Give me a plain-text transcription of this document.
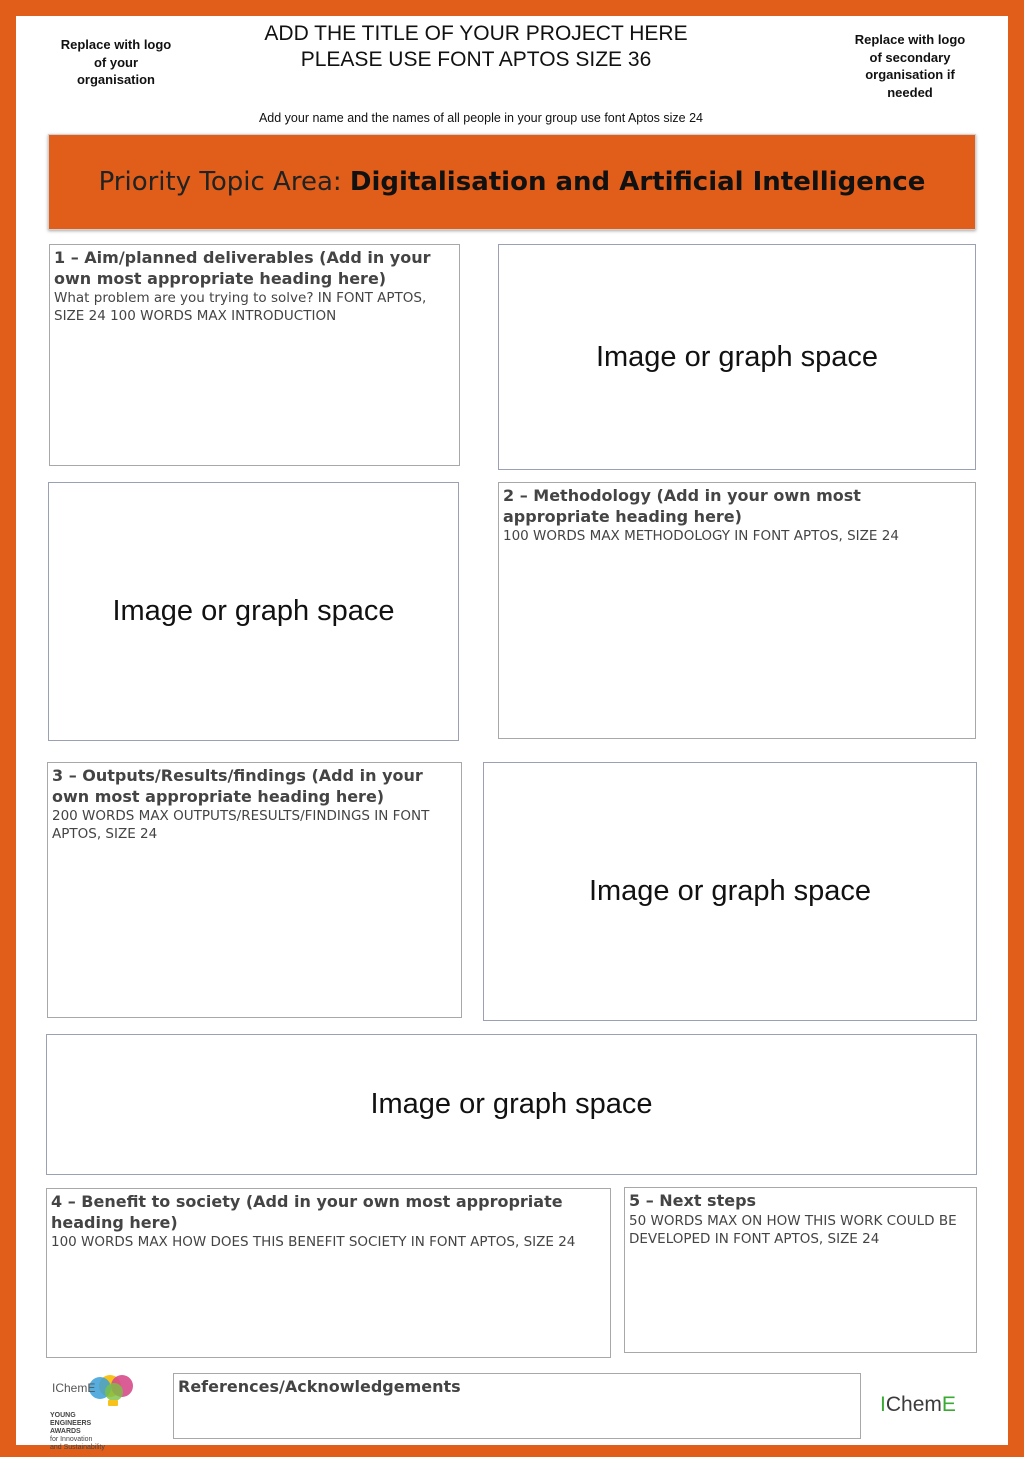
Replace with logo
of your
organisation
ADD THE TITLE OF YOUR PROJECT HERE
PLEASE USE FONT APTOS SIZE 36
Replace with logo
of secondary
organisation if
needed
Add your name and the names of all people in your group use font Aptos size 24
Priority Topic Area: Digitalisation and Artificial Intelligence

1 – Aim/planned deliverables (Add in your own most appropriate heading here)

What problem are you trying to solve? IN FONT APTOS, SIZE 24 100 WORDS MAX INTRODUCTION

Image or graph space
Image or graph space

2 – Methodology (Add in your own most appropriate heading here)

100 WORDS MAX METHODOLOGY IN FONT APTOS, SIZE 24

3 – Outputs/Results/findings (Add in your own most appropriate heading here)

200 WORDS MAX OUTPUTS/RESULTS/FINDINGS IN FONT APTOS, SIZE 24

Image or graph space
Image or graph space

4 – Benefit to society (Add in your own most appropriate heading here)

100 WORDS MAX HOW DOES THIS BENEFIT SOCIETY IN FONT APTOS, SIZE 24

5 – Next steps

50 WORDS MAX ON HOW THIS WORK COULD BE DEVELOPED IN FONT APTOS, SIZE 24

IChemE
YOUNG
ENGINEERS
AWARDS
for Innovation
and Sustainability
References/Acknowledgements
IChemE
